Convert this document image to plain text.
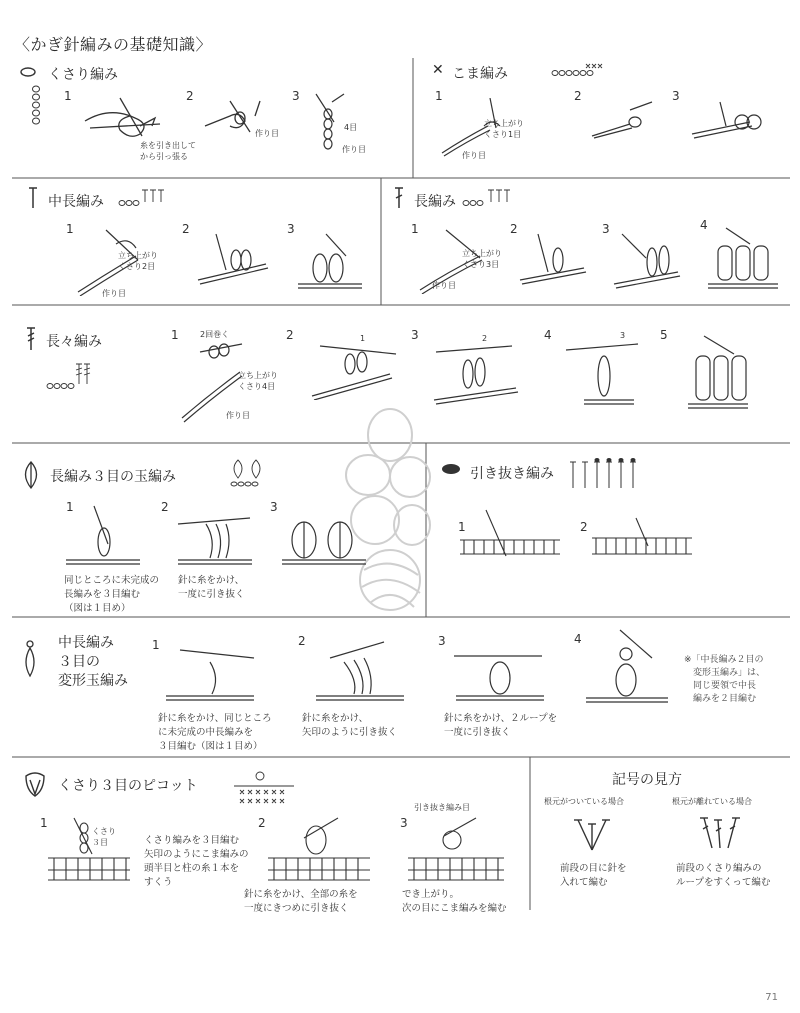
〈かぎ針編みの基礎知識〉
くさり編み
1	2	3
糸を引き出して
から引っ張る
作り目
4目
作り目
✕ こま編み
1	2	3
立ち上がり
くさり1目
作り目
中長編み
1	2	3
立ち上がり
くさり2目
作り目
長編み
1	2	3	4
立ち上がり
くさり3目
作り目
長々編み	1	2	3	4	5
2回巻く
立ち上がり
くさり4目
作り目
1	2	3
長編み３目の玉編み
1	2	3
同じところに未完成の
長編みを３目編む
（図は１目め）
針に糸をかけ、
一度に引き抜く
引き抜き編み
1	2
中長編み
３目の
変形玉編み
1	2	3	4
針に糸をかけ、同じところ
に未完成の中長編みを
３目編む（図は１目め）
針に糸をかけ、
矢印のように引き抜く
針に糸をかけ、２ループを
一度に引き抜く
※「中長編み２目の
　変形玉編み」は、
　同じ要領で中長
　編みを２目編む
くさり３目のピコット
1	2	3
くさり
３目	くさり編みを３目編む
矢印のようにこま編みの
頭半目と柱の糸１本を
すくう
針に糸をかけ、全部の糸を
一度にきつめに引き抜く
引き抜き編み目
でき上がり。
次の目にこま編みを編む
記号の見方
根元がついている場合	根元が離れている場合
前段の目に針を
入れて編む
前段のくさり編みの
ループをすくって編む
71
